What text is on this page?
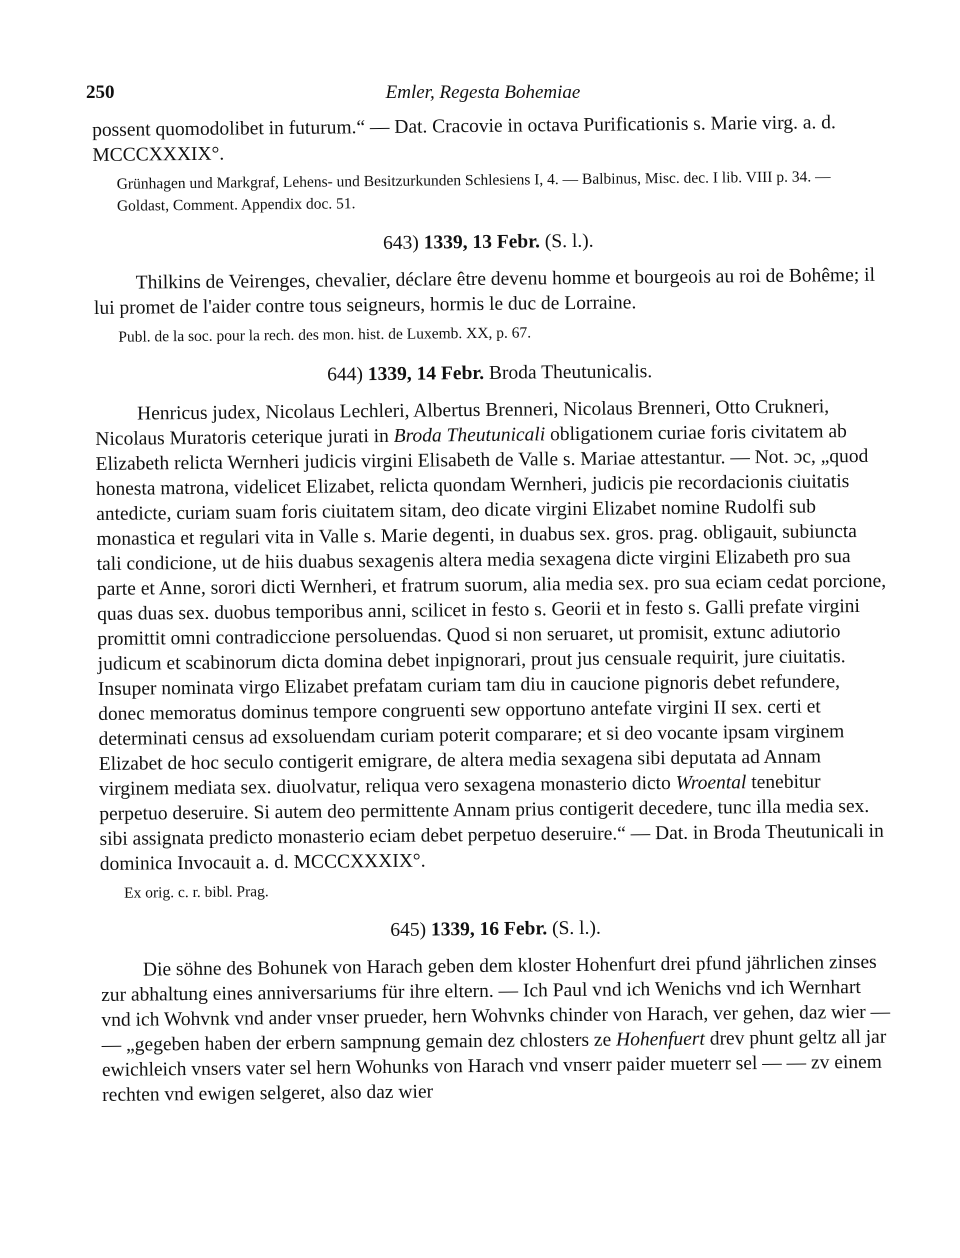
250	Emler, Regesta Bohemiae

possent quomodolibet in futurum.“ — Dat. Cracovie in octava Purificationis s. Marie virg. a. d. MCCCXXXIX°.

Grünhagen und Markgraf, Lehens- und Besitzurkunden Schlesiens I, 4. — Balbinus, Misc. dec. I lib. VIII p. 34. — Goldast, Comment. Appendix doc. 51.

643) 1339, 13 Febr. (S. l.).

Thilkins de Veirenges, chevalier, déclare être devenu homme et bourgeois au roi de Bohême; il lui promet de l'aider contre tous seigneurs, hormis le duc de Lorraine.

Publ. de la soc. pour la rech. des mon. hist. de Luxemb. XX, p. 67.

644) 1339, 14 Febr. Broda Theutunicalis.

Henricus judex, Nicolaus Lechleri, Albertus Brenneri, Nicolaus Brenneri, Otto Crukneri, Nicolaus Muratoris ceterique jurati in Broda Theutunicali obligationem curiae foris civitatem ab Elizabeth relicta Wernheri judicis virgini Elisabeth de Valle s. Mariae attestantur. — Not. ɔc, „quod honesta matrona, videlicet Elizabet, relicta quondam Wernheri, judicis pie recordacionis ciuitatis antedicte, curiam suam foris ciuitatem sitam, deo dicate virgini Elizabet nomine Rudolfi sub monastica et regulari vita in Valle s. Marie degenti, in duabus sex. gros. prag. obligauit, subiuncta tali condicione, ut de hiis duabus sexagenis altera media sexagena dicte virgini Elizabeth pro sua parte et Anne, sorori dicti Wernheri, et fratrum suorum, alia media sex. pro sua eciam cedat porcione, quas duas sex. duobus temporibus anni, scilicet in festo s. Georii et in festo s. Galli prefate virgini promittit omni contradiccione persoluendas. Quod si non seruaret, ut promisit, extunc adiutorio judicum et scabinorum dicta domina debet inpignorari, prout jus censuale requirit, jure ciuitatis. Insuper nominata virgo Elizabet prefatam curiam tam diu in caucione pignoris debet refundere, donec memoratus dominus tempore congruenti sew opportuno antefate virgini II sex. certi et determinati census ad exsoluendam curiam poterit comparare; et si deo vocante ipsam virginem Elizabet de hoc seculo contigerit emigrare, de altera media sexagena sibi deputata ad Annam virginem mediata sex. diuolvatur, reliqua vero sexagena monasterio dicto Wroental tenebitur perpetuo deseruire. Si autem deo permittente Annam prius contigerit decedere, tunc illa media sex. sibi assignata predicto monasterio eciam debet perpetuo deseruire.“ — Dat. in Broda Theutunicali in dominica Invocauit a. d. MCCCXXXIX°.

Ex orig. c. r. bibl. Prag.

645) 1339, 16 Febr. (S. l.).

Die söhne des Bohunek von Harach geben dem kloster Hohenfurt drei pfund jährlichen zinses zur abhaltung eines anniversariums für ihre eltern. — Ich Paul vnd ich Wenichs vnd ich Wernhart vnd ich Wohvnk vnd ander vnser prueder, hern Wohvnks chinder von Harach, ver gehen, daz wier — — „gegeben haben der erbern sampnung gemain dez chlosters ze Hohenfuert drev phunt geltz all jar ewichleich vnsers vater sel hern Wohunks von Harach vnd vnserr paider mueterr sel — — zv einem rechten vnd ewigen selgeret, also daz wier
